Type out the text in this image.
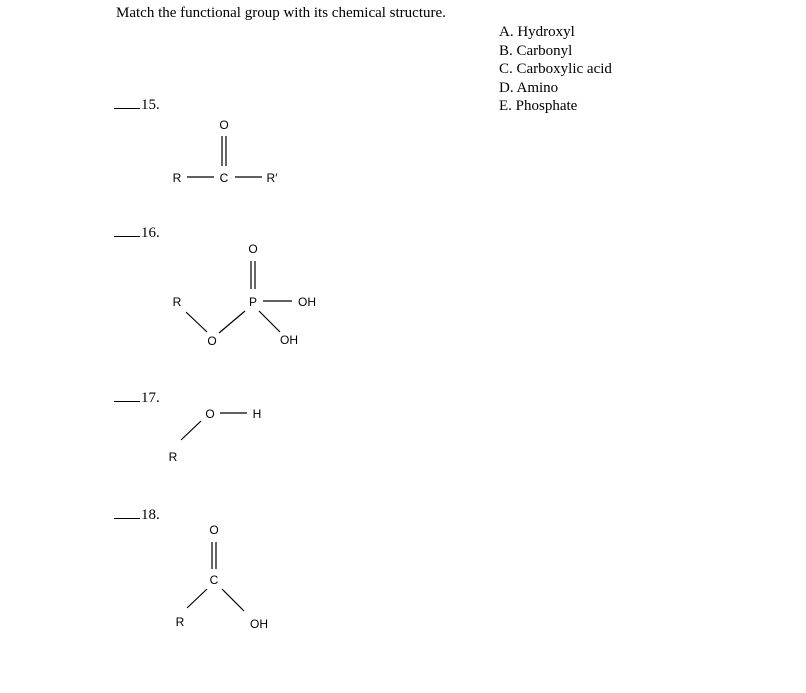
Match the functional group with its chemical structure.
A. Hydroxyl
B. Carbonyl
C. Carboxylic acid
D. Amino
E. Phosphate
15.
16.
17.
18.
O
R	C	R′
O
R	P	OH
O	OH
O	H
R
O
C
R	OH
